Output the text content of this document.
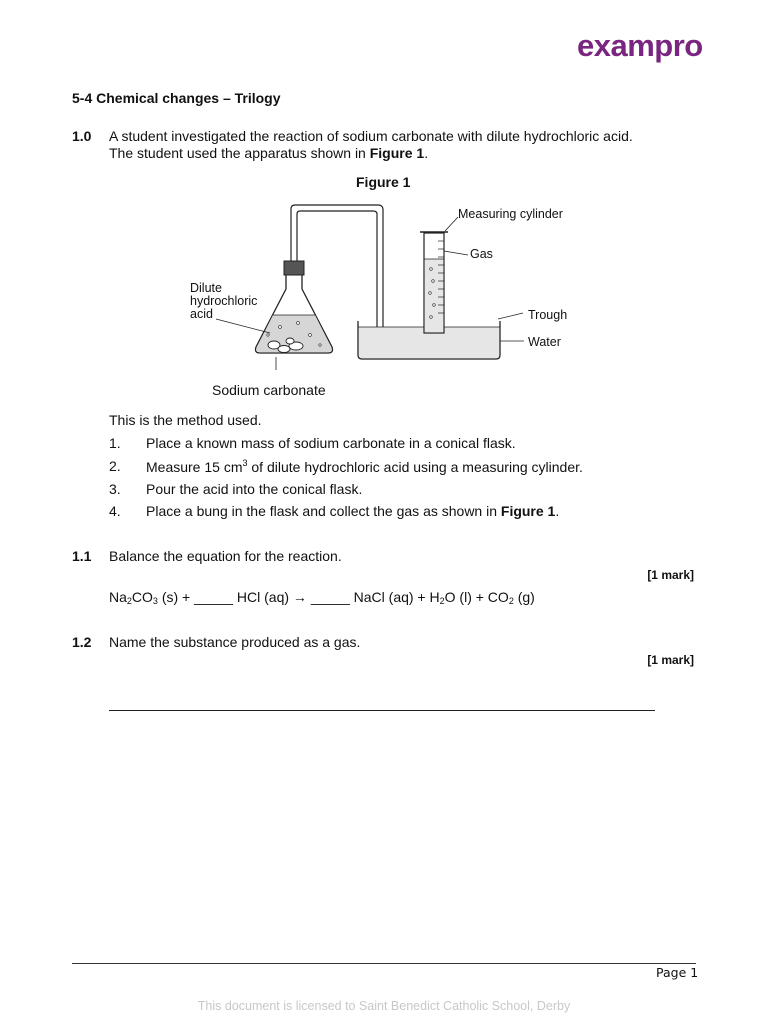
exampro
5-4 Chemical changes – Trilogy
1.0 A student investigated the reaction of sodium carbonate with dilute hydrochloric acid.
The student used the apparatus shown in Figure 1.
Figure 1
Measuring cylinder
Gas
Dilute
hydrochloric
acid	Trough
Water
Sodium carbonate
This is the method used.
1. Place a known mass of sodium carbonate in a conical flask.
2. Measure 15 $cm^3$ of dilute hydrochloric acid using a measuring cylinder.
3. Pour the acid into the conical flask.
4. Place a bung in the flask and collect the gas as shown in Figure 1.
1.1 Balance the equation for the reaction.
[1 mark]
$Na_2CO_3$ (s) + _____ HCl (aq) → _____ NaCl $(aq) + H_2O$ $(l) + CO_2$ (g)
1.2 Name the substance produced as a gas.
[1 mark]
Page 1
This document is licensed to Saint Benedict Catholic School, Derby
